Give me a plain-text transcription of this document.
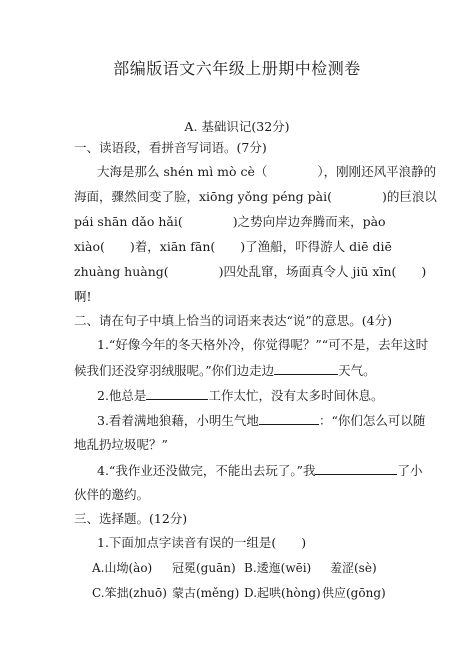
部编版语文六年级上册期中检测卷
A. 基础识记(32分)
一、读语段，看拼音写词语。(7分)
大海是那么 shén mì mò cè（　　　　），刚刚还风平浪静的
海面，骤然间变了脸，xiōng yǒng péng pài(　　　　)的巨浪以
pái shān dǎo hǎi(　　　　)之势向岸边奔腾而来，pào
xiào(　　)着，xiān fān(　　)了渔船，吓得游人 diē diē
zhuàng huàng(　　　　)四处乱窜，场面真令人 jiū xīn(　　)
啊!
二、请在句子中填上恰当的词语来表达“说”的意思。(4分)
1.“好像今年的冬天格外冷，你觉得呢？”“可不是，去年这时
候我们还没穿羽绒服呢。”你们边走边	天气。
2.他总是	工作太忙，没有太多时间休息。
3.看着满地狼藉，小明生气地	：“你们怎么可以随
地乱扔垃圾呢？”
4.“我作业还没做完，不能出去玩了。”我	了小
伙伴的邀约。
三、选择题。(12分)
1.下面加点字读音有误的一组是(　　)
A.山坳(ào) 冠冕(guān) B.逶迤(wēi) 羞涩(sè)
C.笨拙(zhuō) 蒙古(měng) D.起哄(hòng) 供应(gōng)
